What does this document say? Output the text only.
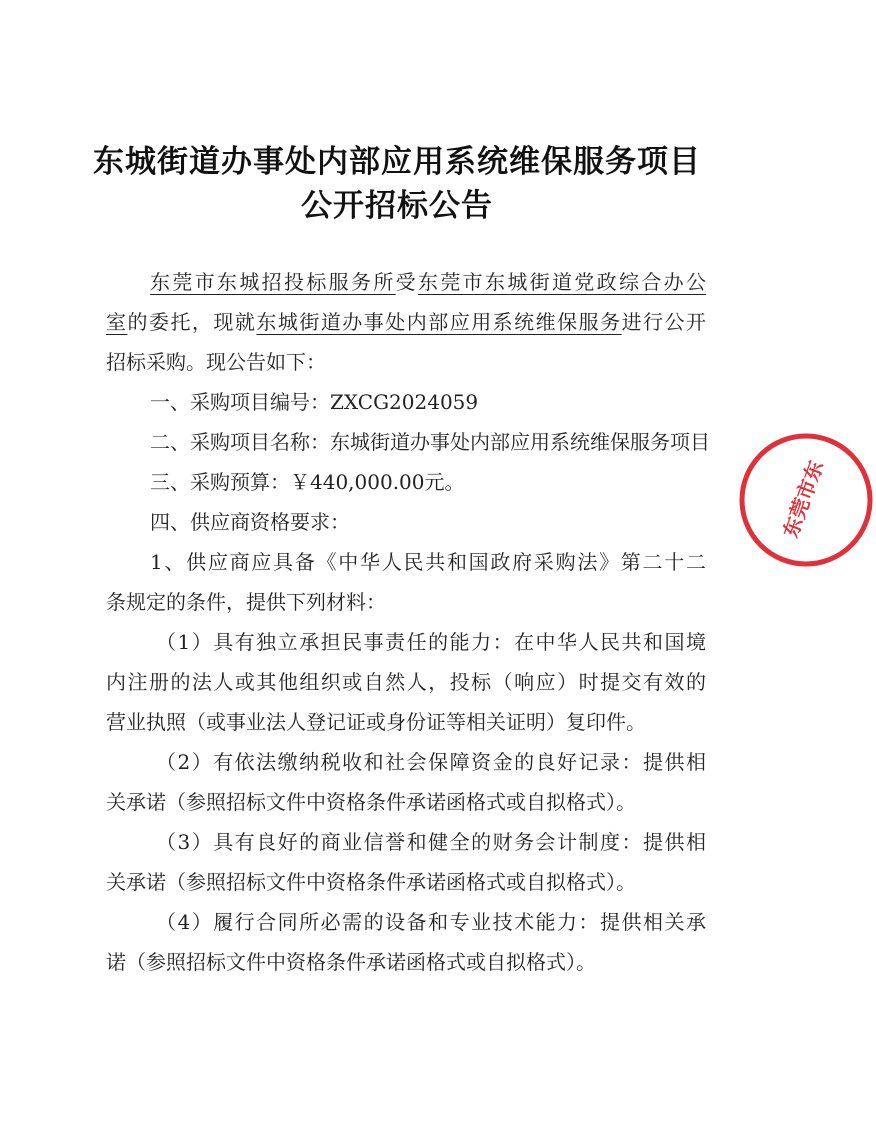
东城街道办事处内部应用系统维保服务项目
公开招标公告
东莞市东城招投标服务所受东莞市东城街道党政综合办公
室的委托，现就东城街道办事处内部应用系统维保服务进行公开
招标采购。现公告如下：
一、采购项目编号：ZXCG2024059
二、采购项目名称：东城街道办事处内部应用系统维保服务项目
三、采购预算：￥440,000.00元。
四、供应商资格要求：
1、供应商应具备《中华人民共和国政府采购法》第二十二
条规定的条件，提供下列材料：
（1）具有独立承担民事责任的能力：在中华人民共和国境
内注册的法人或其他组织或自然人，投标（响应）时提交有效的
营业执照（或事业法人登记证或身份证等相关证明）复印件。
（2）有依法缴纳税收和社会保障资金的良好记录：提供相
关承诺（参照招标文件中资格条件承诺函格式或自拟格式）。
（3）具有良好的商业信誉和健全的财务会计制度：提供相
关承诺（参照招标文件中资格条件承诺函格式或自拟格式）。
（4）履行合同所必需的设备和专业技术能力：提供相关承
诺（参照招标文件中资格条件承诺函格式或自拟格式）。
东莞市东
